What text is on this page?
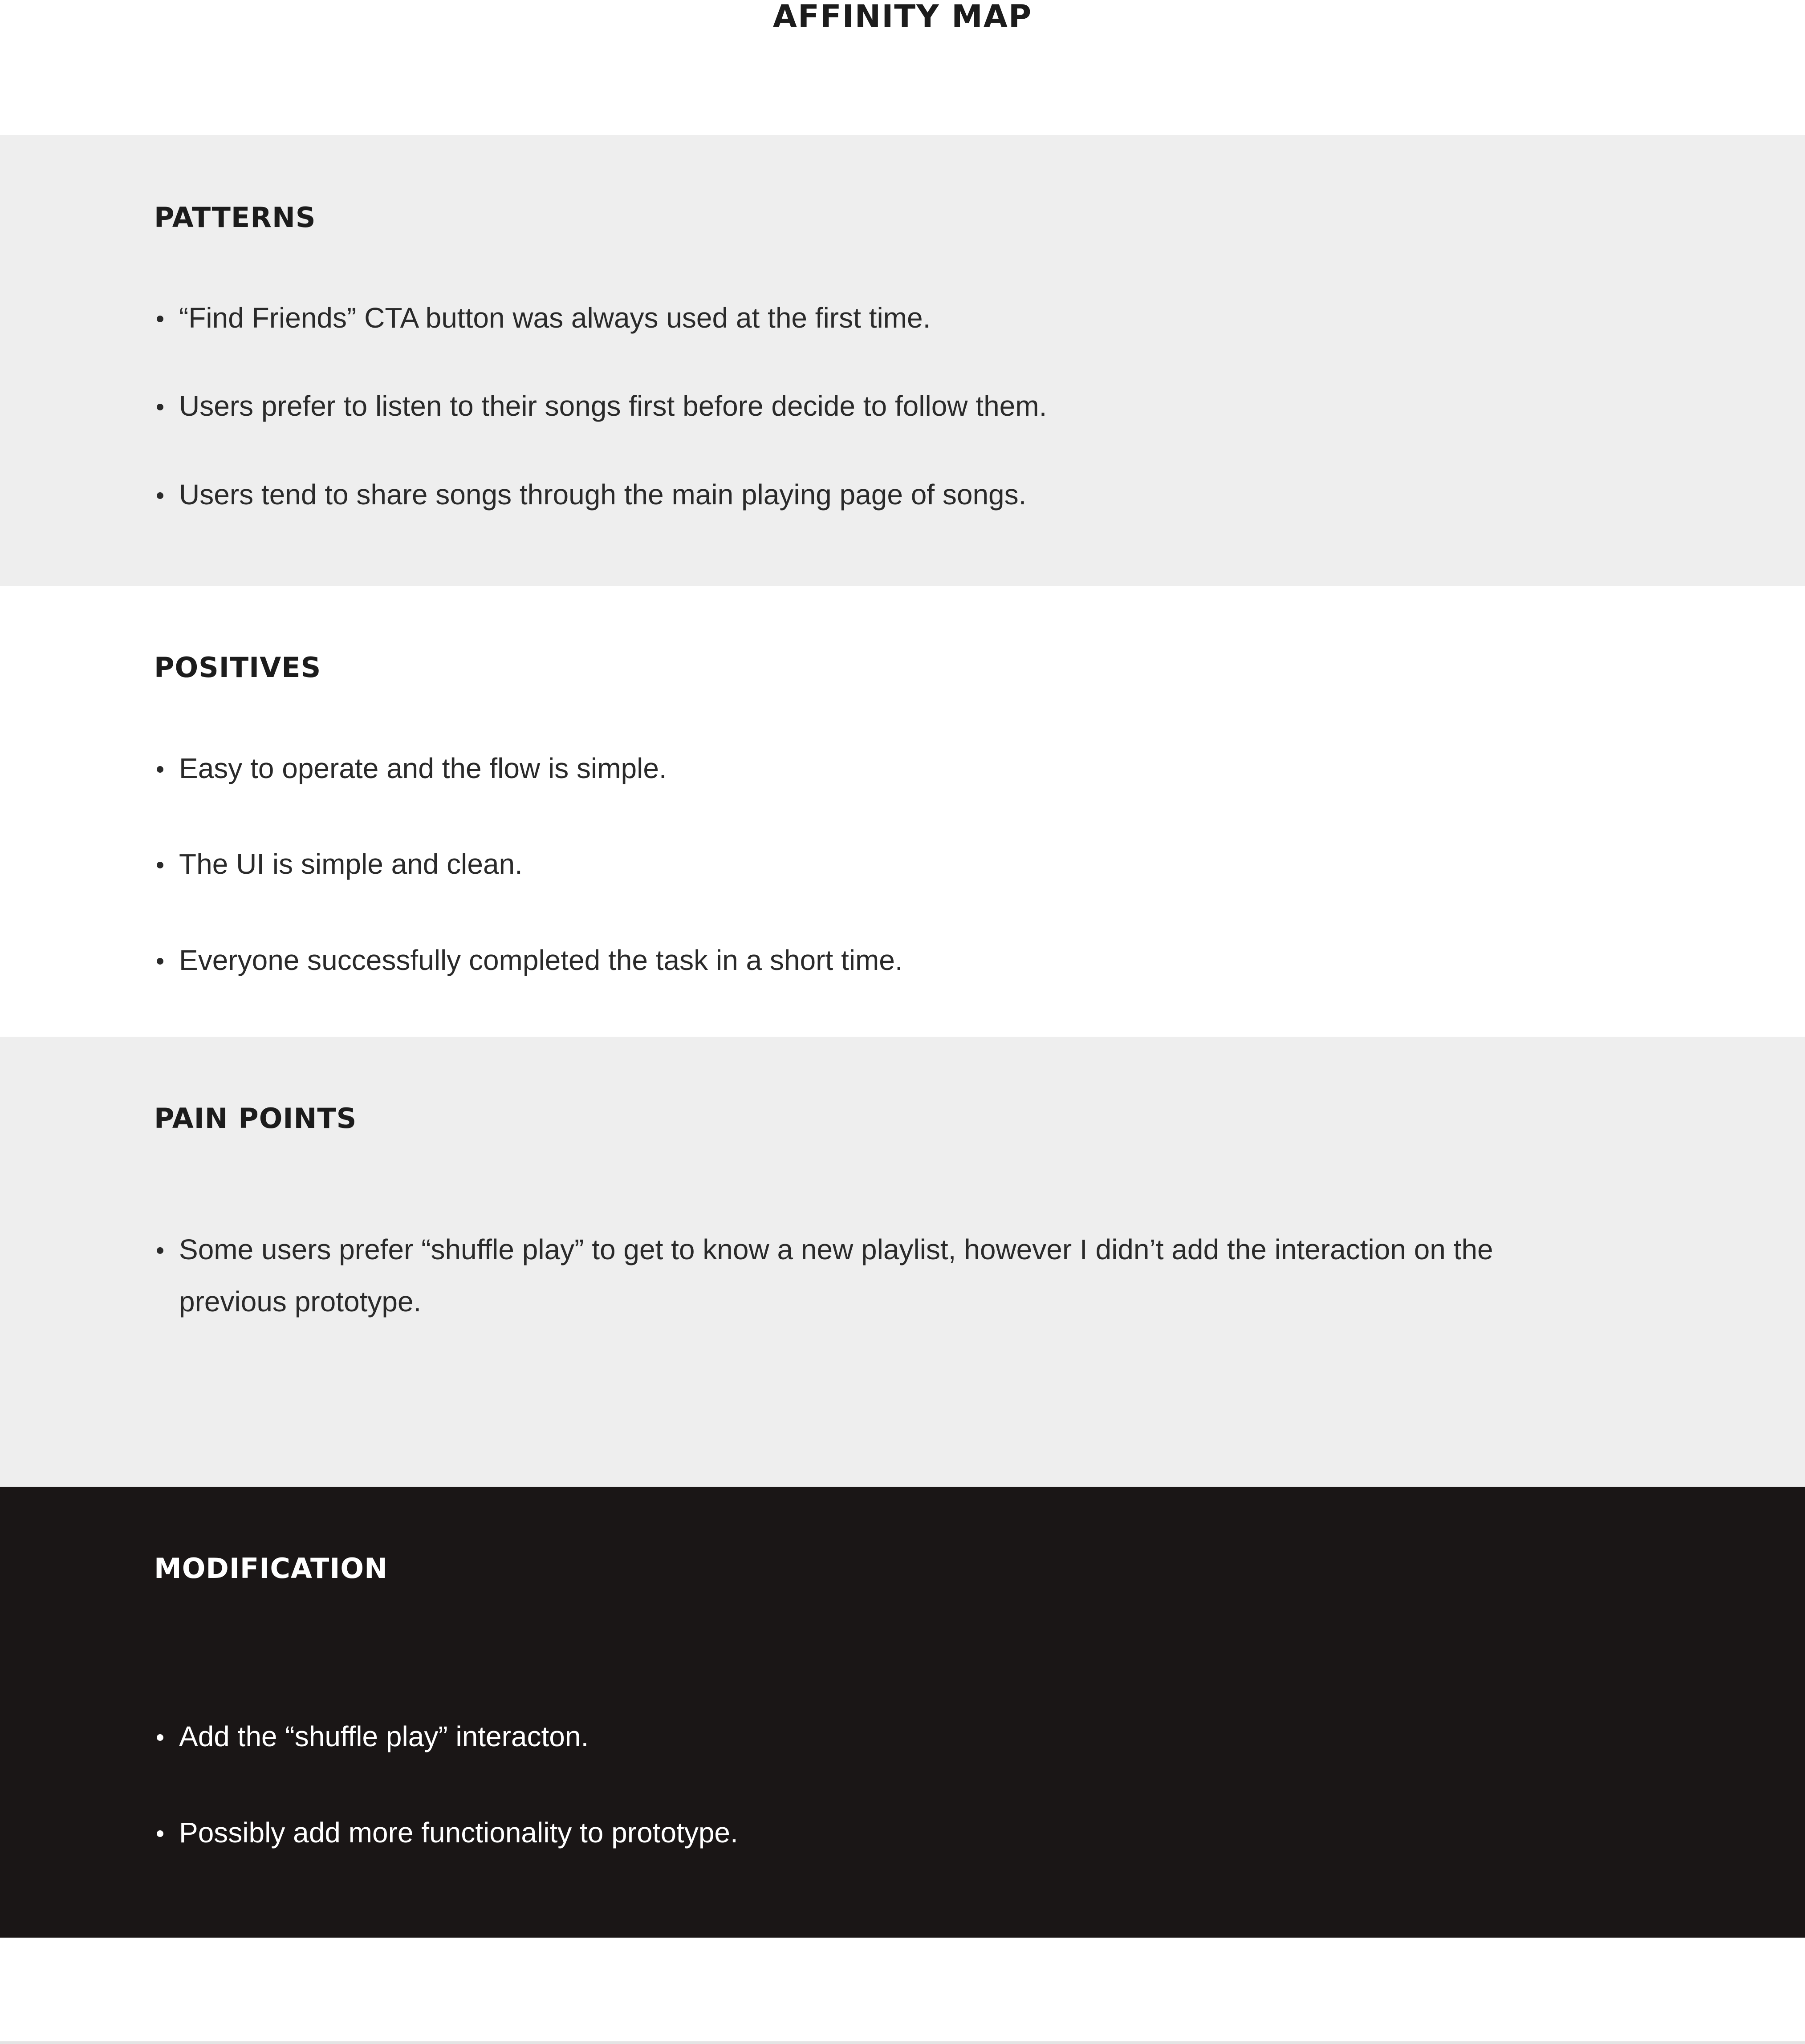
AFFINITY MAP
PATTERNS
“Find Friends” CTA button was always used at the first time.
Users prefer to listen to their songs first before decide to follow them.
Users tend to share songs through the main playing page of songs.
POSITIVES
Easy to operate and the flow is simple.
The UI is simple and clean.
Everyone successfully completed the task in a short time.
PAIN POINTS
Some users prefer “shuffle play” to get to know a new playlist, however I didn’t add the interaction on the previous prototype.
MODIFICATION
Add the “shuffle play” interacton.
Possibly add more functionality to prototype.
